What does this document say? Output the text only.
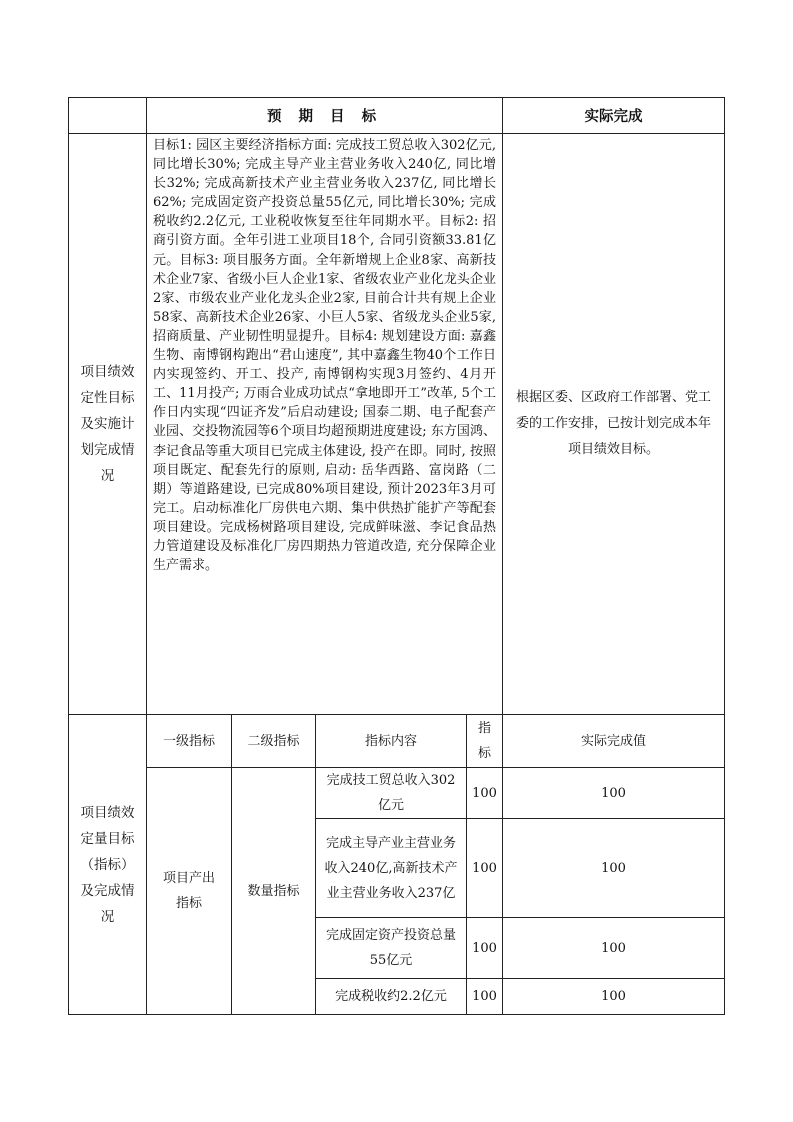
	预 期 目 标				实际完成
项目绩效定性目标及实施计划完成情况	目标1: 园区主要经济指标方面: 完成技工贸总收入302亿元, 同比增长30%; 完成主导产业主营业务收入240亿, 同比增长32%; 完成高新技术产业主营业务收入237亿, 同比增长62%; 完成固定资产投资总量55亿元, 同比增长30%; 完成税收约2.2亿元, 工业税收恢复至往年同期水平。目标2: 招商引资方面。全年引进工业项目18个, 合同引资额33.81亿元。目标3: 项目服务方面。全年新增规上企业8家、高新技术企业7家、省级小巨人企业1家、省级农业产业化龙头企业2家、市级农业产业化龙头企业2家, 目前合计共有规上企业58家、高新技术企业26家、小巨人5家、省级龙头企业5家, 招商质量、产业韧性明显提升。目标4: 规划建设方面: 嘉鑫生物、南博钢构跑出“君山速度”, 其中嘉鑫生物40个工作日内实现签约、开工、投产, 南博钢构实现3月签约、4月开工、11月投产; 万雨合业成功试点“拿地即开工”改革, 5个工作日内实现“四证齐发”后启动建设; 国泰二期、电子配套产业园、交投物流园等6个项目均超预期进度建设; 东方国鸿、李记食品等重大项目已完成主体建设, 投产在即。同时, 按照项目既定、配套先行的原则, 启动: 岳华西路、富岗路（二期）等道路建设, 已完成80%项目建设, 预计2023年3月可完工。启动标准化厂房供电六期、集中供热扩能扩产等配套项目建设。完成杨树路项目建设, 完成鲜味滋、李记食品热力管道建设及标准化厂房四期热力管道改造, 充分保障企业生产需求。				根据区委、区政府工作部署、党工委的工作安排，已按计划完成本年项目绩效目标。
项目绩效定量目标（指标）及完成情况	一级指标	二级指标	指标内容	指标	实际完成值
	项目产出指标	数量指标	完成技工贸总收入302亿元	100	100
			完成主导产业主营业务收入240亿,高新技术产业主营业务收入237亿	100	100
			完成固定资产投资总量55亿元	100	100
			完成税收约2.2亿元	100	100
